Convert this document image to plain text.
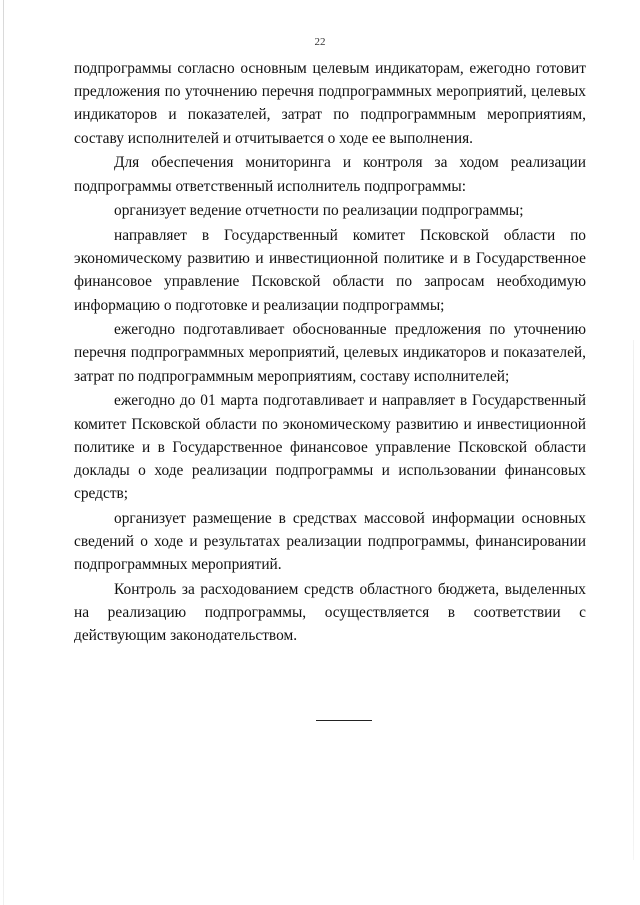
22

подпрограммы согласно основным целевым индикаторам, ежегодно готовит предложения по уточнению перечня подпрограммных мероприятий, целевых индикаторов и показателей, затрат по подпрограммным мероприятиям, составу исполнителей и отчитывается о ходе ее выполнения.

Для обеспечения мониторинга и контроля за ходом реализации подпрограммы ответственный исполнитель подпрограммы:

организует ведение отчетности по реализации подпрограммы;

направляет в Государственный комитет Псковской области по экономическому развитию и инвестиционной политике и в Государственное финансовое управление Псковской области по запросам необходимую информацию о подготовке и реализации подпрограммы;

ежегодно подготавливает обоснованные предложения по уточнению перечня подпрограммных мероприятий, целевых индикаторов и показателей, затрат по подпрограммным мероприятиям, составу исполнителей;

ежегодно до 01 марта подготавливает и направляет в Государственный комитет Псковской области по экономическому развитию и инвестиционной политике и в Государственное финансовое управление Псковской области доклады о ходе реализации подпрограммы и использовании финансовых средств;

организует размещение в средствах массовой информации основных сведений о ходе и результатах реализации подпрограммы, финансировании подпрограммных мероприятий.

Контроль за расходованием средств областного бюджета, выделенных на реализацию подпрограммы, осуществляется в соответствии с действующим законодательством.
